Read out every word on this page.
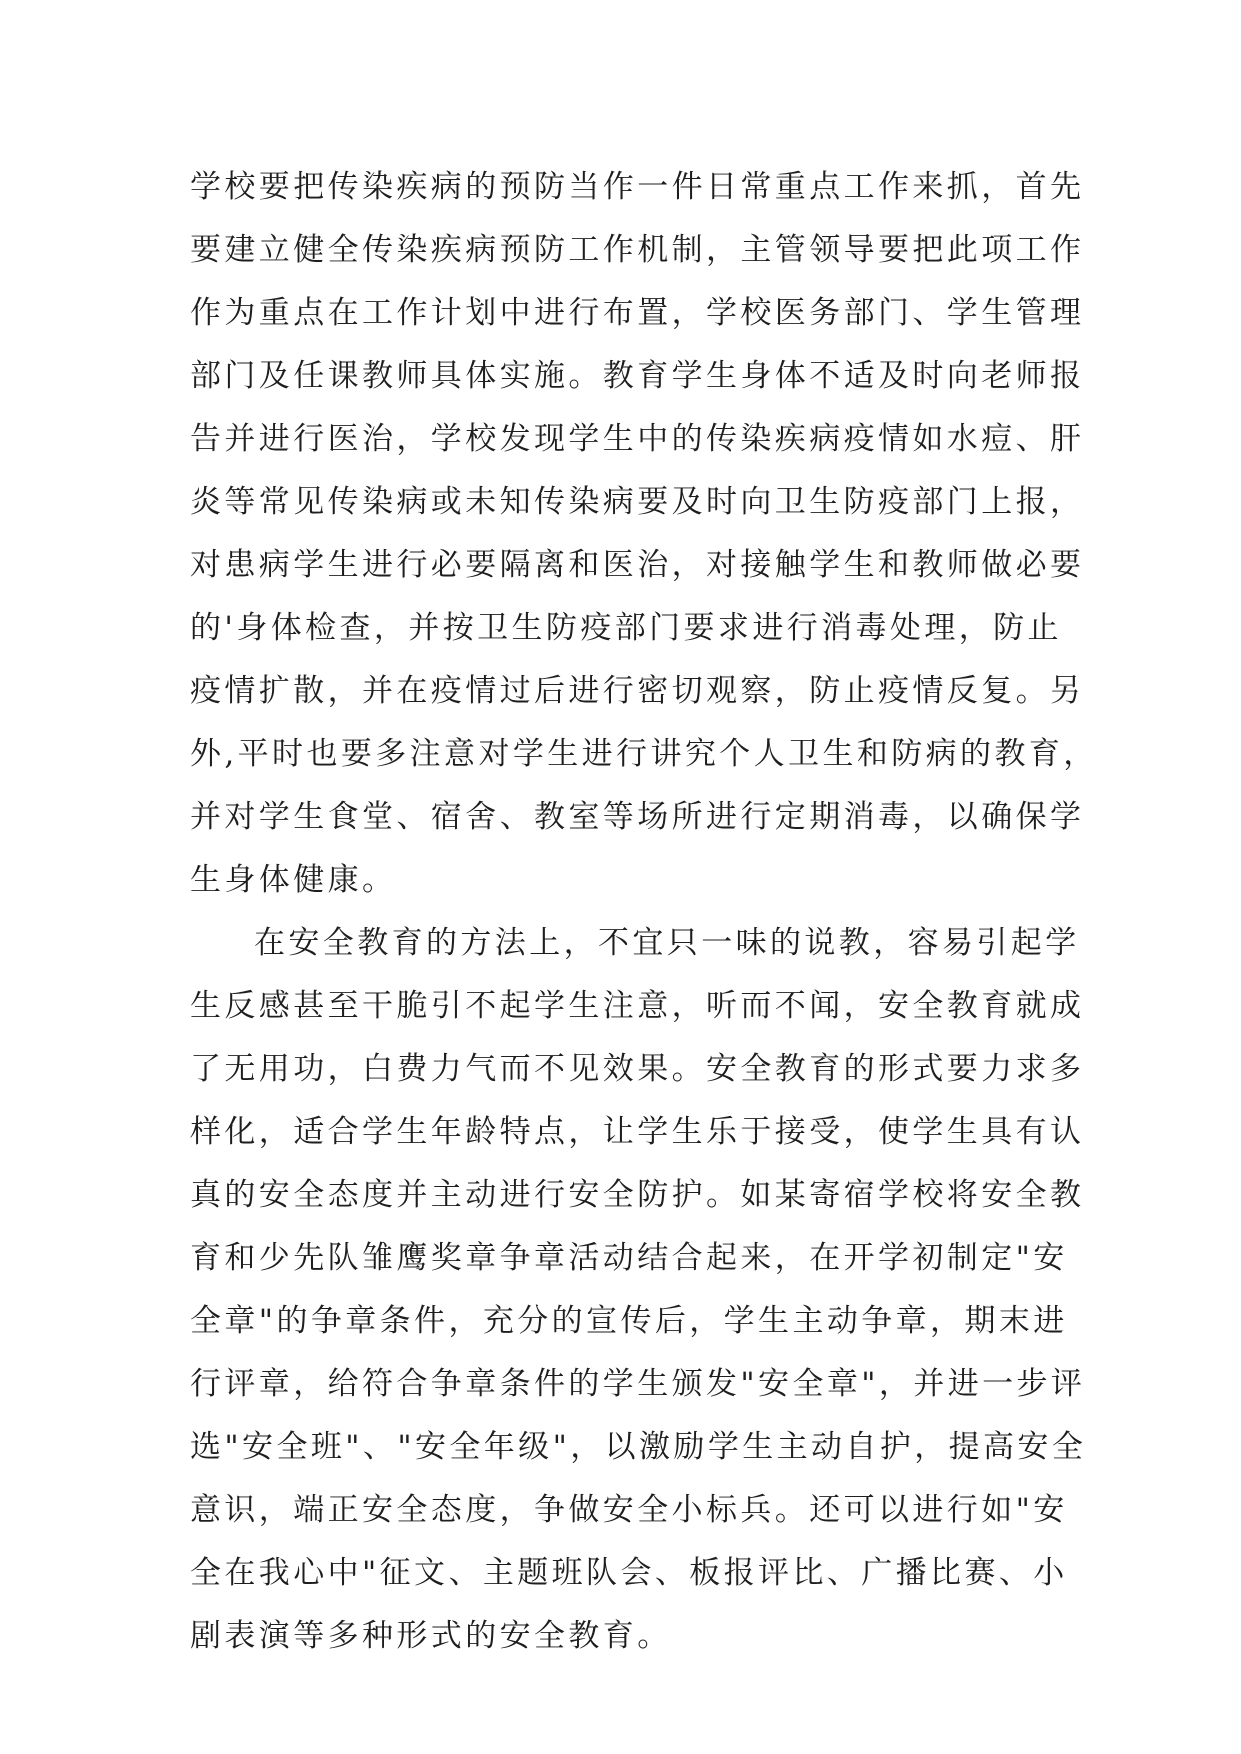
学校要把传染疾病的预防当作一件日常重点工作来抓，首先
要建立健全传染疾病预防工作机制，主管领导要把此项工作
作为重点在工作计划中进行布置，学校医务部门、学生管理
部门及任课教师具体实施。教育学生身体不适及时向老师报
告并进行医治，学校发现学生中的传染疾病疫情如水痘、肝
炎等常见传染病或未知传染病要及时向卫生防疫部门上报，
对患病学生进行必要隔离和医治，对接触学生和教师做必要
的'身体检查，并按卫生防疫部门要求进行消毒处理，防止
疫情扩散，并在疫情过后进行密切观察，防止疫情反复。另
外,平时也要多注意对学生进行讲究个人卫生和防病的教育，
并对学生食堂、宿舍、教室等场所进行定期消毒，以确保学
生身体健康。
在安全教育的方法上，不宜只一味的说教，容易引起学
生反感甚至干脆引不起学生注意，听而不闻，安全教育就成
了无用功，白费力气而不见效果。安全教育的形式要力求多
样化，适合学生年龄特点，让学生乐于接受，使学生具有认
真的安全态度并主动进行安全防护。如某寄宿学校将安全教
育和少先队雏鹰奖章争章活动结合起来，在开学初制定"安
全章"的争章条件，充分的宣传后，学生主动争章，期末进
行评章，给符合争章条件的学生颁发"安全章"，并进一步评
选"安全班"、"安全年级"，以激励学生主动自护，提高安全
意识，端正安全态度，争做安全小标兵。还可以进行如"安
全在我心中"征文、主题班队会、板报评比、广播比赛、小
剧表演等多种形式的安全教育。
